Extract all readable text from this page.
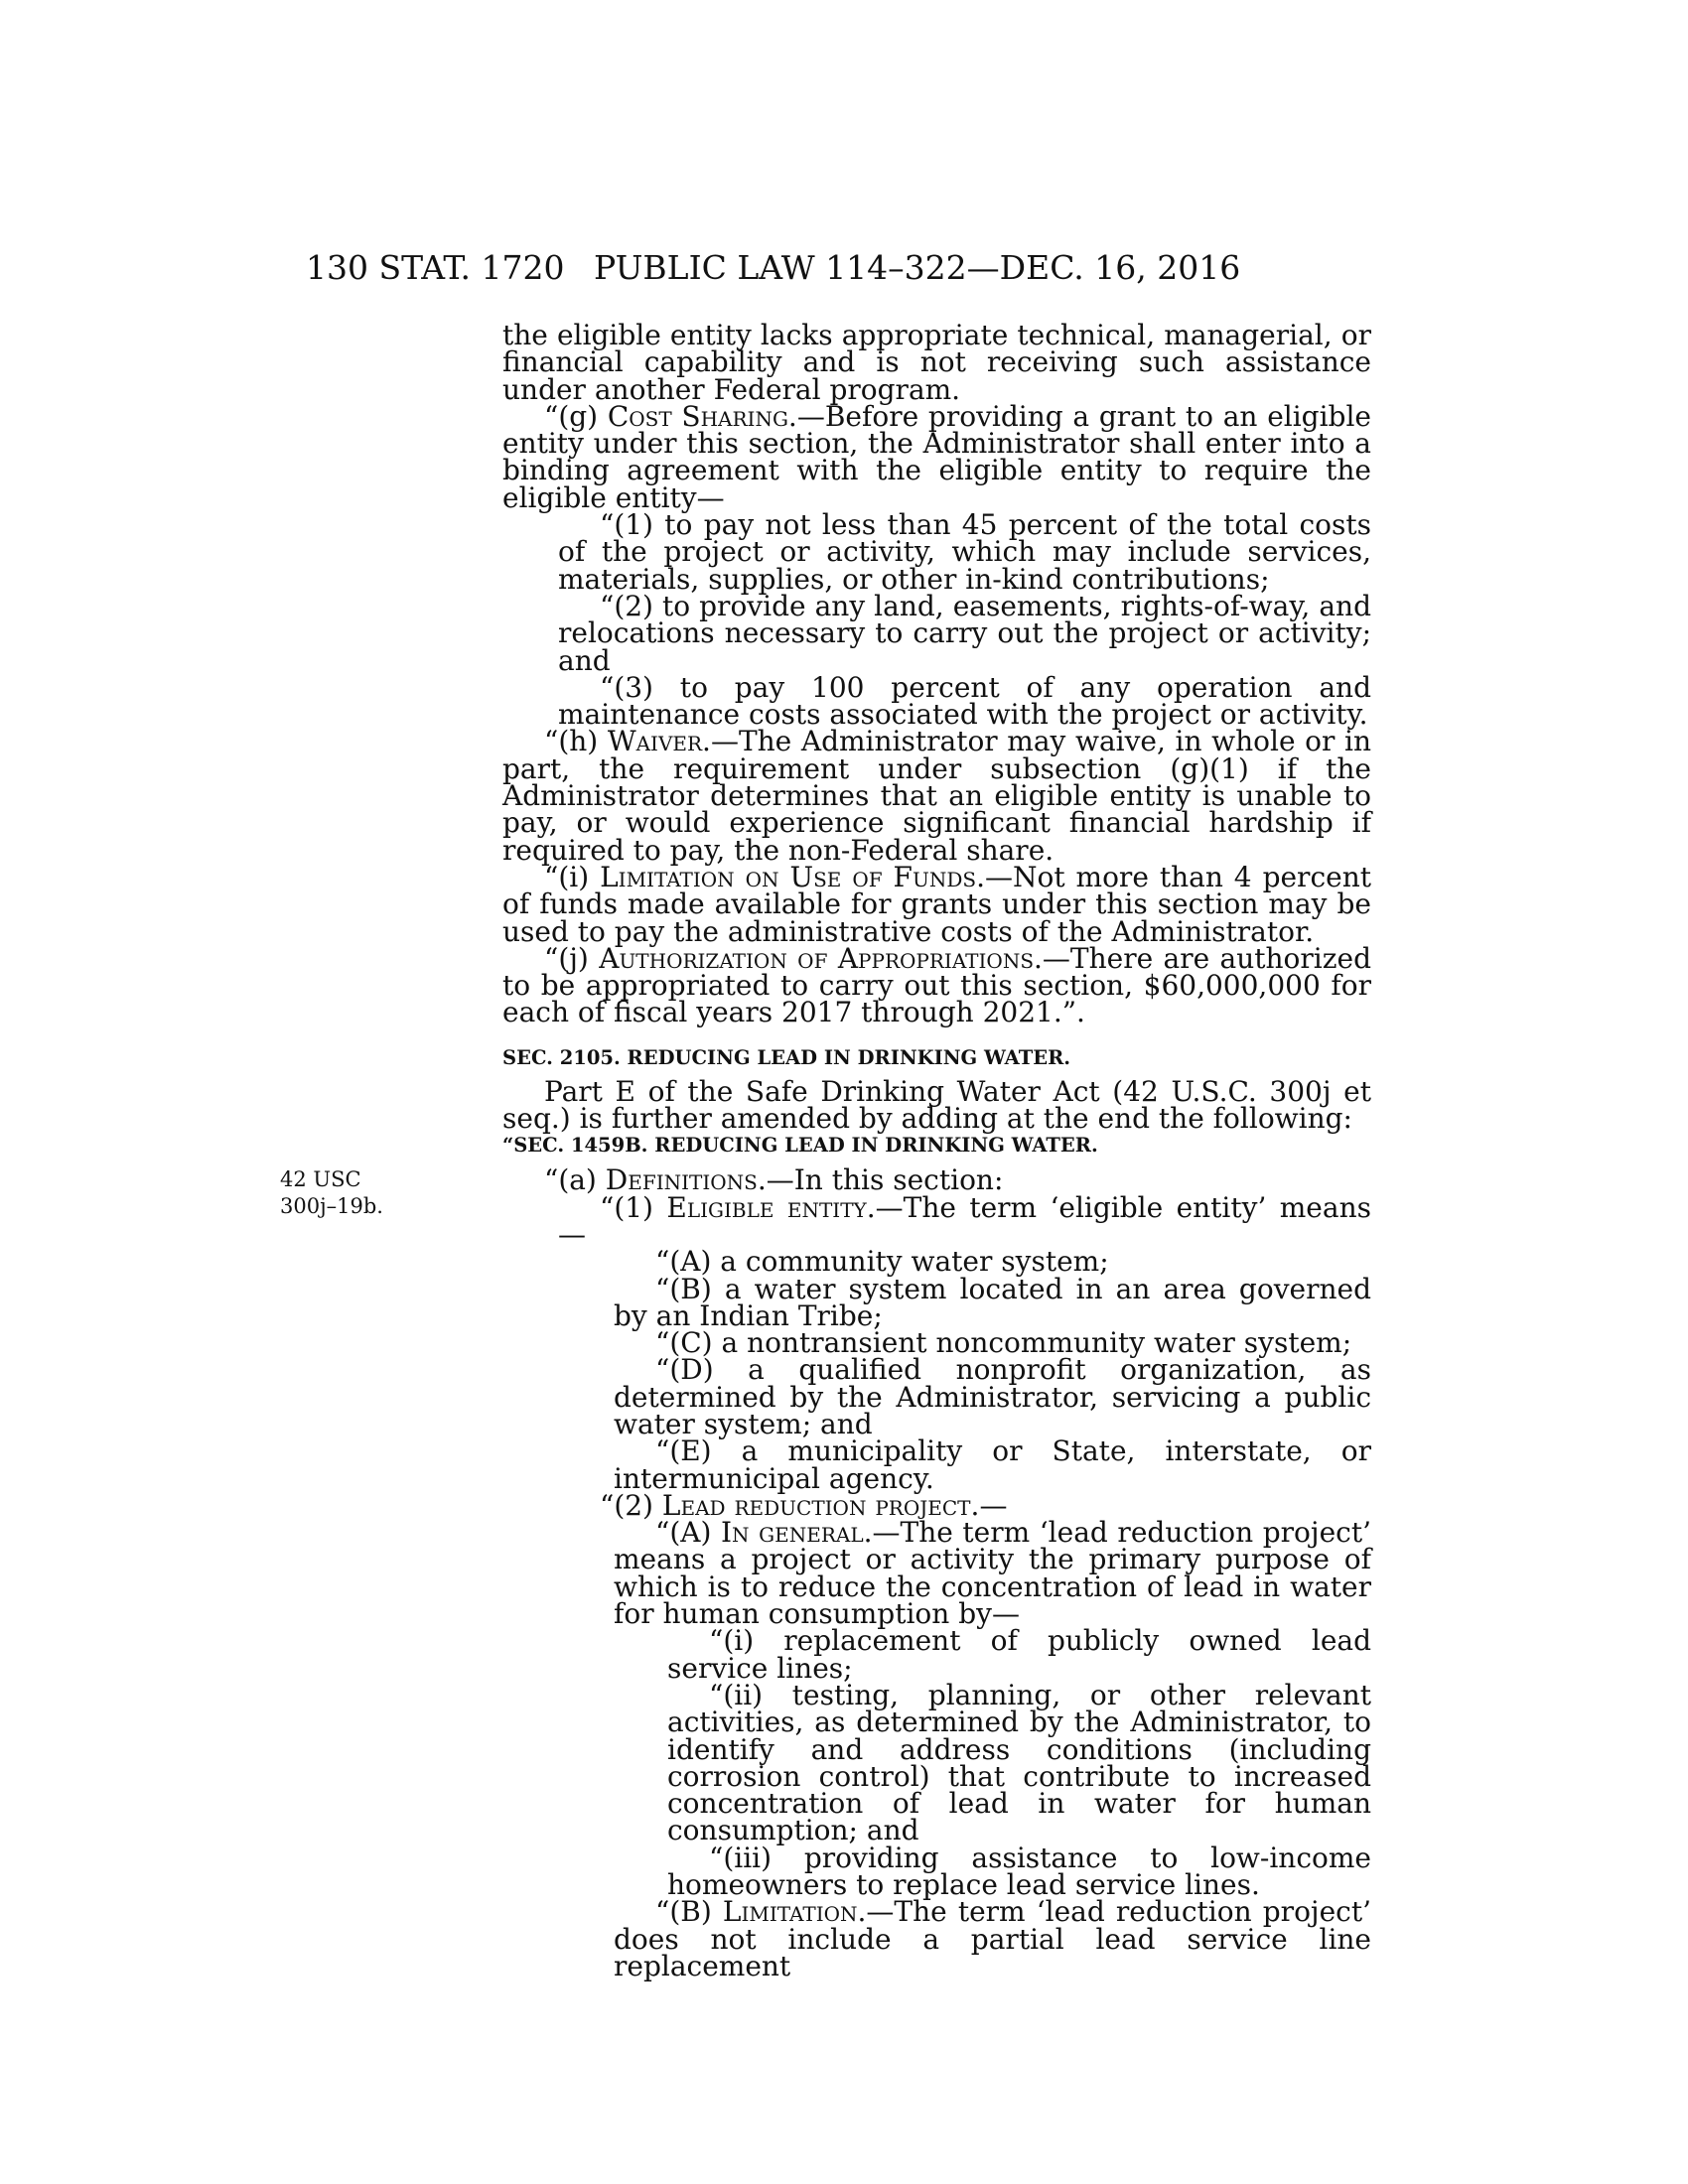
130 STAT. 1720 PUBLIC LAW 114–322—DEC. 16, 2016
42 USC
300j–19b.

the eligible entity lacks appropriate technical, managerial, or financial capability and is not receiving such assistance under another Federal program.

“(g) Cost Sharing.—Before providing a grant to an eligible entity under this section, the Administrator shall enter into a binding agreement with the eligible entity to require the eligible entity—

“(1) to pay not less than 45 percent of the total costs of the project or activity, which may include services, materials, supplies, or other in-kind contributions;

“(2) to provide any land, easements, rights-of-way, and relocations necessary to carry out the project or activity; and

“(3) to pay 100 percent of any operation and maintenance costs associated with the project or activity.

“(h) Waiver.—The Administrator may waive, in whole or in part, the requirement under subsection (g)(1) if the Administrator determines that an eligible entity is unable to pay, or would experience significant financial hardship if required to pay, the non-Federal share.

“(i) Limitation on Use of Funds.—Not more than 4 percent of funds made available for grants under this section may be used to pay the administrative costs of the Administrator.

“(j) Authorization of Appropriations.—There are authorized to be appropriated to carry out this section, $60,000,000 for each of fiscal years 2017 through 2021.”.

SEC. 2105. REDUCING LEAD IN DRINKING WATER.

Part E of the Safe Drinking Water Act (42 U.S.C. 300j et seq.) is further amended by adding at the end the following:

“SEC. 1459B. REDUCING LEAD IN DRINKING WATER.

“(a) Definitions.—In this section:

“(1) Eligible entity.—The term ‘eligible entity’ means—

“(A) a community water system;

“(B) a water system located in an area governed by an Indian Tribe;

“(C) a nontransient noncommunity water system;

“(D) a qualified nonprofit organization, as determined by the Administrator, servicing a public water system; and

“(E) a municipality or State, interstate, or intermunicipal agency.

“(2) Lead reduction project.—

“(A) In general.—The term ‘lead reduction project’ means a project or activity the primary purpose of which is to reduce the concentration of lead in water for human consumption by—

“(i) replacement of publicly owned lead service lines;

“(ii) testing, planning, or other relevant activities, as determined by the Administrator, to identify and address conditions (including corrosion control) that contribute to increased concentration of lead in water for human consumption; and

“(iii) providing assistance to low-income homeowners to replace lead service lines.

“(B) Limitation.—The term ‘lead reduction project’ does not include a partial lead service line replacement
